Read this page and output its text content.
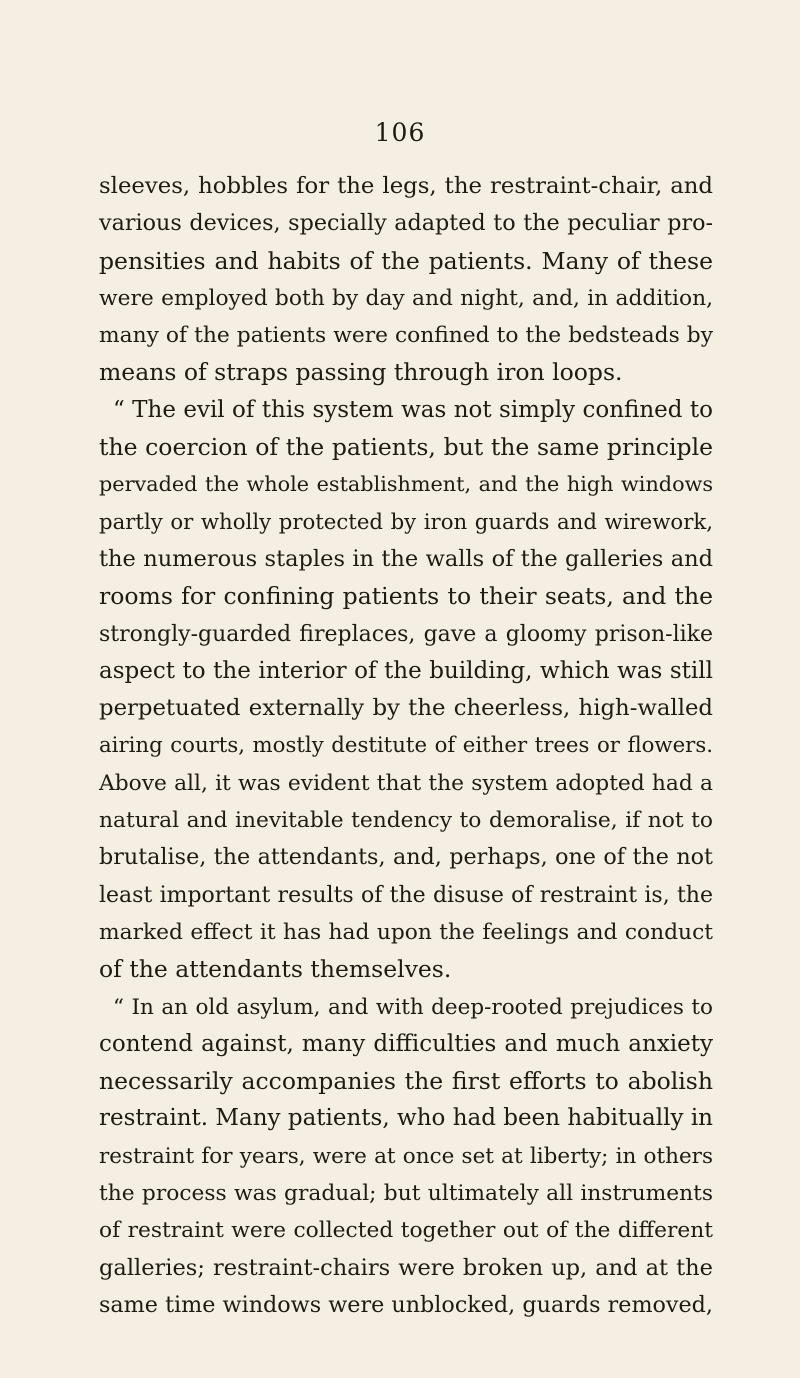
106
sleeves, hobbles for the legs, the restraint-chair, and
various devices, specially adapted to the peculiar pro-
pensities and habits of the patients. Many of these
were employed both by day and night, and, in addition,
many of the patients were confined to the bedsteads by
means of straps passing through iron loops.
“ The evil of this system was not simply confined to
the coercion of the patients, but the same principle
pervaded the whole establishment, and the high windows
partly or wholly protected by iron guards and wirework,
the numerous staples in the walls of the galleries and
rooms for confining patients to their seats, and the
strongly-guarded fireplaces, gave a gloomy prison-like
aspect to the interior of the building, which was still
perpetuated externally by the cheerless, high-walled
airing courts, mostly destitute of either trees or flowers.
Above all, it was evident that the system adopted had a
natural and inevitable tendency to demoralise, if not to
brutalise, the attendants, and, perhaps, one of the not
least important results of the disuse of restraint is, the
marked effect it has had upon the feelings and conduct
of the attendants themselves.
“ In an old asylum, and with deep-rooted prejudices to
contend against, many difficulties and much anxiety
necessarily accompanies the first efforts to abolish
restraint. Many patients, who had been habitually in
restraint for years, were at once set at liberty; in others
the process was gradual; but ultimately all instruments
of restraint were collected together out of the different
galleries; restraint-chairs were broken up, and at the
same time windows were unblocked, guards removed,
